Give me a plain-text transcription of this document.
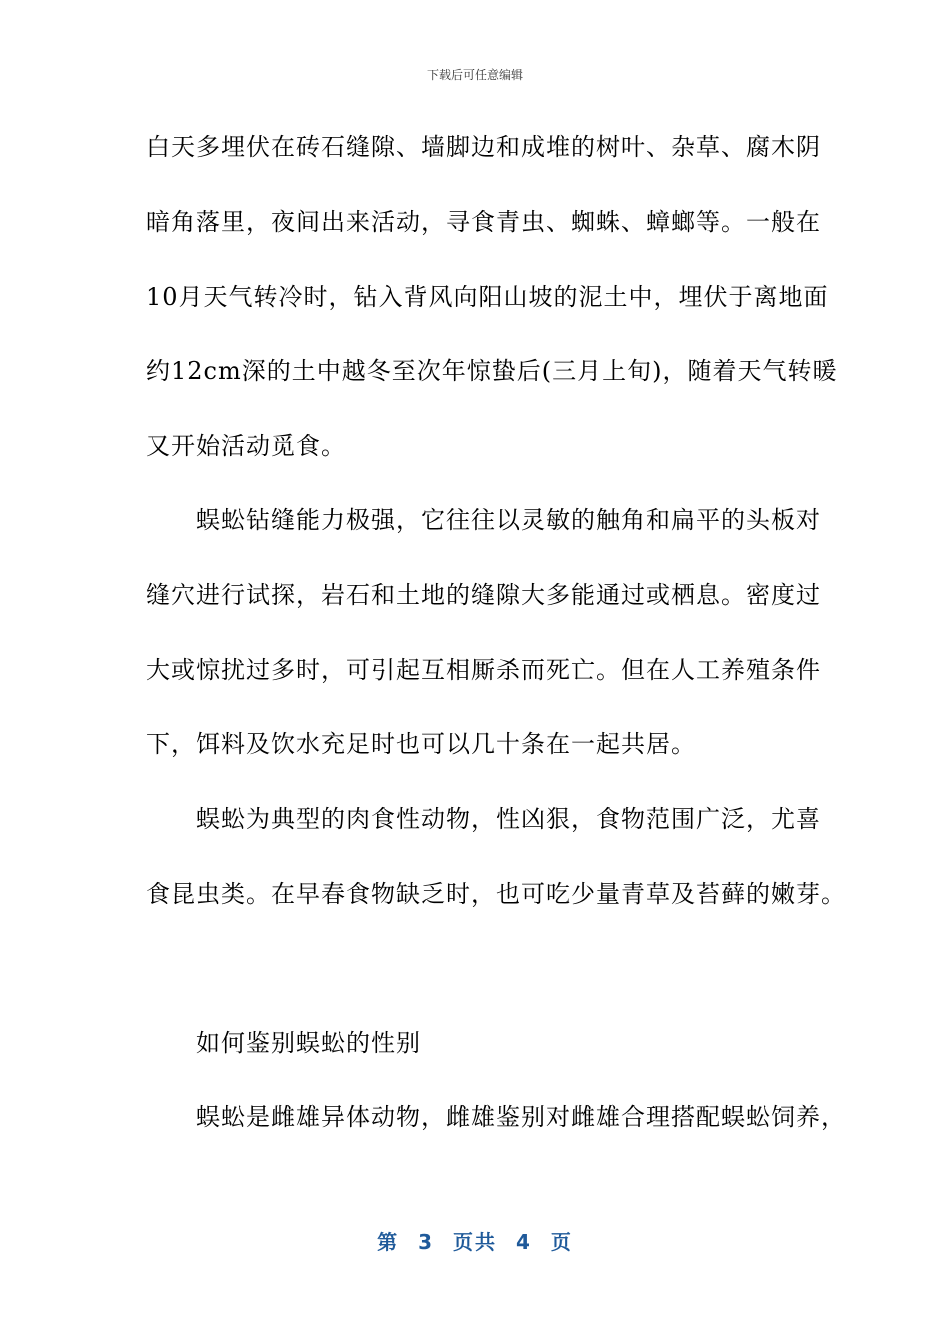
下载后可任意编辑
白天多埋伏在砖石缝隙、墙脚边和成堆的树叶、杂草、腐木阴
暗角落里，夜间出来活动，寻食青虫、蜘蛛、蟑螂等。一般在
10月天气转冷时，钻入背风向阳山坡的泥土中，埋伏于离地面
约12cm深的土中越冬至次年惊蛰后(三月上旬)，随着天气转暖
又开始活动觅食。
　　蜈蚣钻缝能力极强，它往往以灵敏的触角和扁平的头板对
缝穴进行试探，岩石和土地的缝隙大多能通过或栖息。密度过
大或惊扰过多时，可引起互相厮杀而死亡。但在人工养殖条件
下，饵料及饮水充足时也可以几十条在一起共居。
　　蜈蚣为典型的肉食性动物，性凶狠，食物范围广泛，尤喜
食昆虫类。在早春食物缺乏时，也可吃少量青草及苔藓的嫩芽。
　　如何鉴别蜈蚣的性别
　　蜈蚣是雌雄异体动物，雌雄鉴别对雌雄合理搭配蜈蚣饲养，
第 3 页共 4 页
